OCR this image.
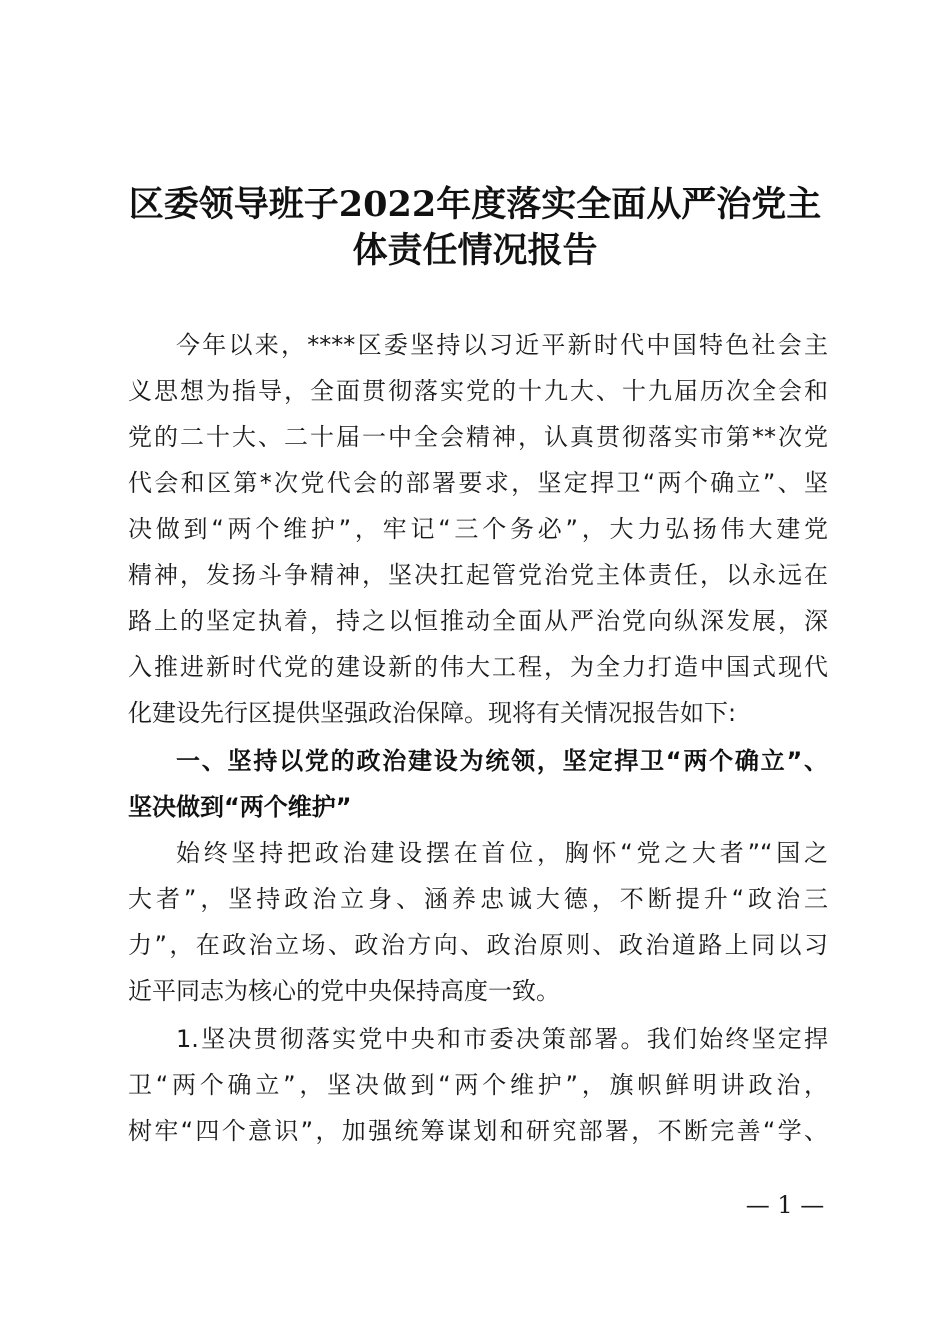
区委领导班子2022年度落实全面从严治党主
体责任情况报告

今年以来，****区委坚持以习近平新时代中国特色社会主

义思想为指导，全面贯彻落实党的十九大、十九届历次全会和

党的二十大、二十届一中全会精神，认真贯彻落实市第**次党

代会和区第*次党代会的部署要求，坚定捍卫“两个确立”、坚

决做到“两个维护”，牢记“三个务必”，大力弘扬伟大建党

精神，发扬斗争精神，坚决扛起管党治党主体责任，以永远在

路上的坚定执着，持之以恒推动全面从严治党向纵深发展，深

入推进新时代党的建设新的伟大工程，为全力打造中国式现代

化建设先行区提供坚强政治保障。现将有关情况报告如下:

一、坚持以党的政治建设为统领，坚定捍卫“两个确立”、

坚决做到“两个维护”

始终坚持把政治建设摆在首位，胸怀“党之大者”“国之

大者”，坚持政治立身、涵养忠诚大德，不断提升“政治三

力”，在政治立场、政治方向、政治原则、政治道路上同以习

近平同志为核心的党中央保持高度一致。

1.坚决贯彻落实党中央和市委决策部署。我们始终坚定捍

卫“两个确立”，坚决做到“两个维护”，旗帜鲜明讲政治，

树牢“四个意识”，加强统筹谋划和研究部署，不断完善“学、

— 1 —
